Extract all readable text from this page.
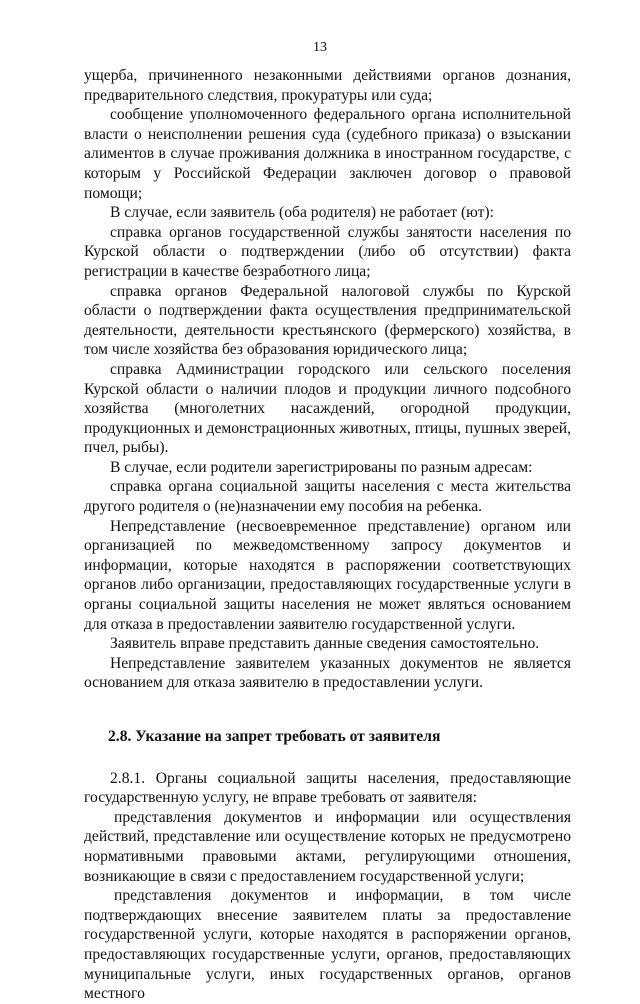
13

ущерба, причиненного незаконными действиями органов дознания, предварительного следствия, прокуратуры или суда;

сообщение уполномоченного федерального органа исполнительной власти о неисполнении решения суда (судебного приказа) о взыскании алиментов в случае проживания должника в иностранном государстве, с которым у Российской Федерации заключен договор о правовой помощи;

В случае, если заявитель (оба родителя) не работает (ют):

справка органов государственной службы занятости населения по Курской области о подтверждении (либо об отсутствии) факта регистрации в качестве безработного лица;

справка органов Федеральной налоговой службы по Курской области о подтверждении факта осуществления предпринимательской деятельности, деятельности крестьянского (фермерского) хозяйства, в том числе хозяйства без образования юридического лица;

справка Администрации городского или сельского поселения Курской области о наличии плодов и продукции личного подсобного хозяйства (многолетних насаждений, огородной продукции, продукционных и демонстрационных животных, птицы, пушных зверей, пчел, рыбы).

В случае, если родители зарегистрированы по разным адресам:

справка органа социальной защиты населения с места жительства другого родителя о (не)назначении ему пособия на ребенка.

Непредставление (несвоевременное представление) органом или организацией по межведомственному запросу документов и информации, которые находятся в распоряжении соответствующих органов либо организации, предоставляющих государственные услуги в органы социальной защиты населения не может являться основанием для отказа в предоставлении заявителю государственной услуги.

Заявитель вправе представить данные сведения самостоятельно.

Непредставление заявителем указанных документов не является основанием для отказа заявителю в предоставлении услуги.

2.8. Указание на запрет требовать от заявителя

2.8.1. Органы социальной защиты населения, предоставляющие государственную услугу, не вправе требовать от заявителя:

представления документов и информации или осуществления действий, представление или осуществление которых не предусмотрено нормативными правовыми актами, регулирующими отношения, возникающие в связи с предоставлением государственной услуги;

представления документов и информации, в том числе подтверждающих внесение заявителем платы за предоставление государственной услуги, которые находятся в распоряжении органов, предоставляющих государственные услуги, органов, предоставляющих муниципальные услуги, иных государственных органов, органов местного
